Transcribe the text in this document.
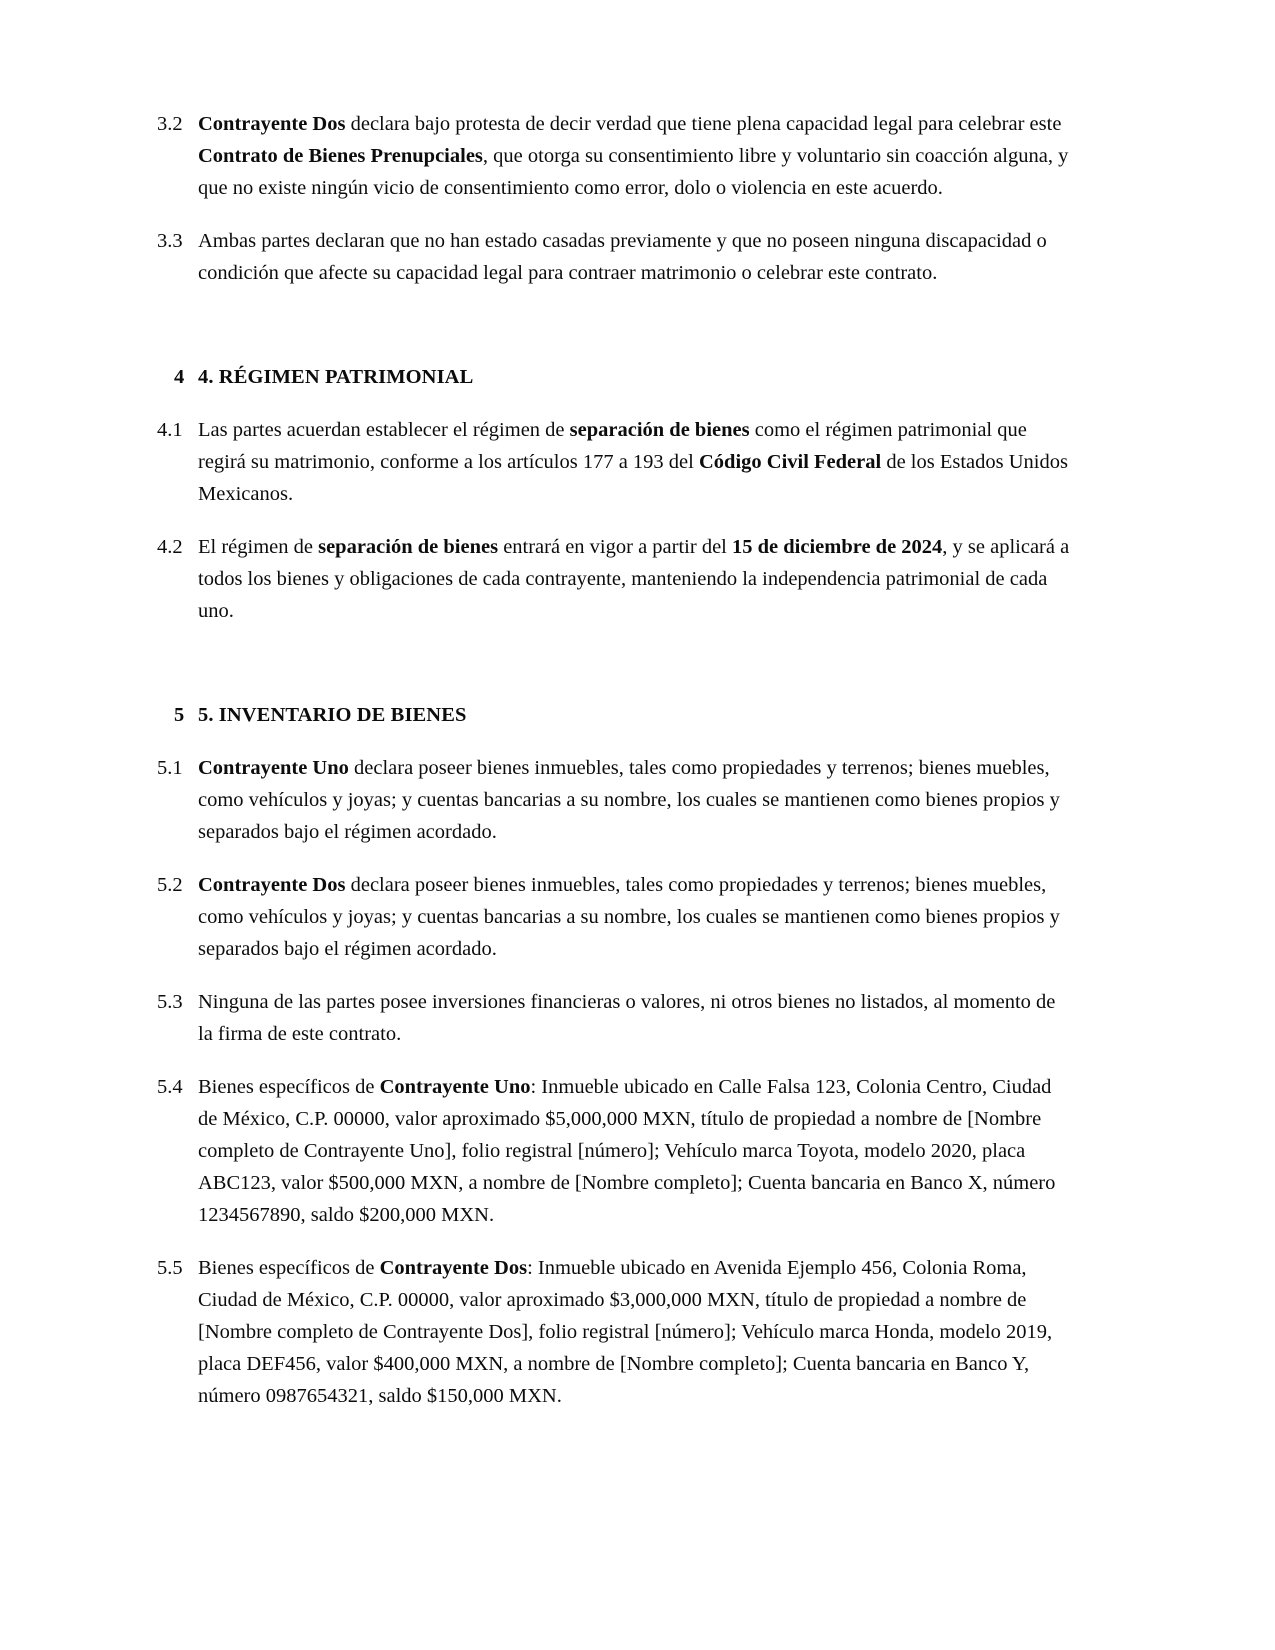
3.2 Contrayente Dos declara bajo protesta de decir verdad que tiene plena capacidad legal para celebrar este Contrato de Bienes Prenupciales, que otorga su consentimiento libre y voluntario sin coacción alguna, y que no existe ningún vicio de consentimiento como error, dolo o violencia en este acuerdo.
3.3 Ambas partes declaran que no han estado casadas previamente y que no poseen ninguna discapacidad o condición que afecte su capacidad legal para contraer matrimonio o celebrar este contrato.
4 4. RÉGIMEN PATRIMONIAL
4.1 Las partes acuerdan establecer el régimen de separación de bienes como el régimen patrimonial que regirá su matrimonio, conforme a los artículos 177 a 193 del Código Civil Federal de los Estados Unidos Mexicanos.
4.2 El régimen de separación de bienes entrará en vigor a partir del 15 de diciembre de 2024, y se aplicará a todos los bienes y obligaciones de cada contrayente, manteniendo la independencia patrimonial de cada uno.
5 5. INVENTARIO DE BIENES
5.1 Contrayente Uno declara poseer bienes inmuebles, tales como propiedades y terrenos; bienes muebles, como vehículos y joyas; y cuentas bancarias a su nombre, los cuales se mantienen como bienes propios y separados bajo el régimen acordado.
5.2 Contrayente Dos declara poseer bienes inmuebles, tales como propiedades y terrenos; bienes muebles, como vehículos y joyas; y cuentas bancarias a su nombre, los cuales se mantienen como bienes propios y separados bajo el régimen acordado.
5.3 Ninguna de las partes posee inversiones financieras o valores, ni otros bienes no listados, al momento de la firma de este contrato.
5.4 Bienes específicos de Contrayente Uno: Inmueble ubicado en Calle Falsa 123, Colonia Centro, Ciudad de México, C.P. 00000, valor aproximado $5,000,000 MXN, título de propiedad a nombre de [Nombre completo de Contrayente Uno], folio registral [número]; Vehículo marca Toyota, modelo 2020, placa ABC123, valor $500,000 MXN, a nombre de [Nombre completo]; Cuenta bancaria en Banco X, número 1234567890, saldo $200,000 MXN.
5.5 Bienes específicos de Contrayente Dos: Inmueble ubicado en Avenida Ejemplo 456, Colonia Roma, Ciudad de México, C.P. 00000, valor aproximado $3,000,000 MXN, título de propiedad a nombre de [Nombre completo de Contrayente Dos], folio registral [número]; Vehículo marca Honda, modelo 2019, placa DEF456, valor $400,000 MXN, a nombre de [Nombre completo]; Cuenta bancaria en Banco Y, número 0987654321, saldo $150,000 MXN.
